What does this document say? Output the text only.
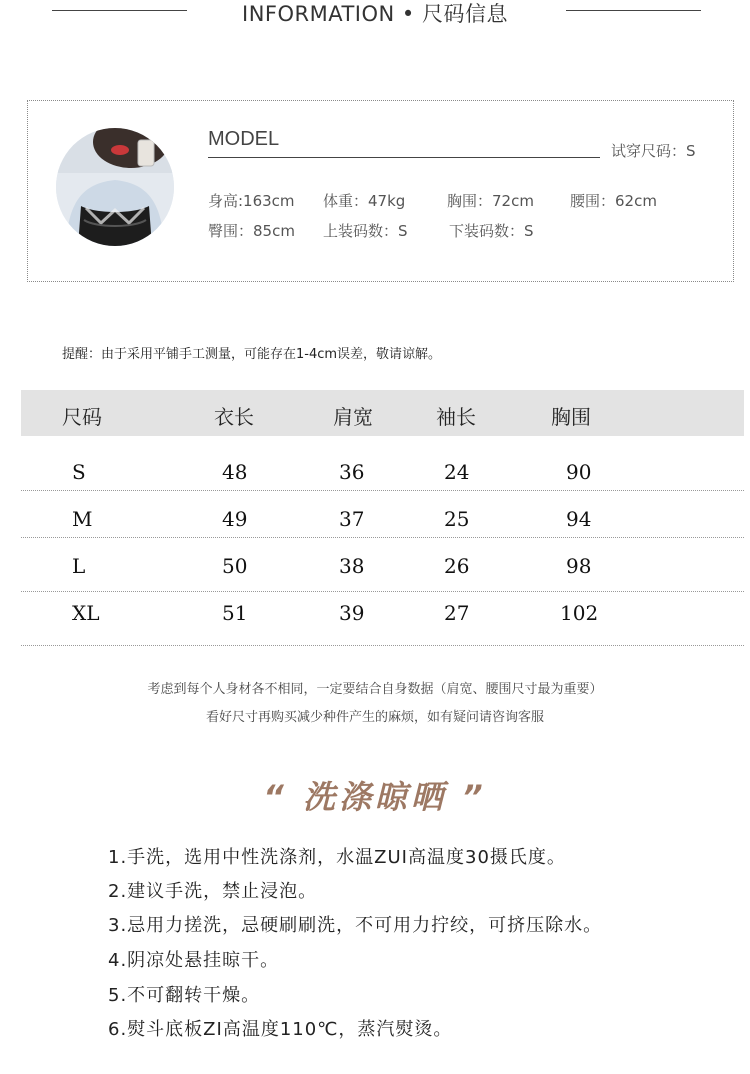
INFORMATION • 尺码信息
MODEL
试穿尺码：S
身高:163cm 体重：47kg	胸围：72cm 腰围：62cm
臀围：85cm 上装码数：S	下装码数：S
提醒：由于采用平铺手工测量，可能存在1-4cm误差，敬请谅解。
尺码	衣长	肩宽	袖长	胸围
S	48	36	24	90
M	49	37	25	94
L	50	38	26	98
XL	51	39	27	102
考虑到每个人身材各不相同，一定要结合自身数据（肩宽、腰围尺寸最为重要）
看好尺寸再购买减少种件产生的麻烦，如有疑问请咨询客服
“ 洗涤晾晒 ”
1.手洗，选用中性洗涤剂，水温ZUI高温度30摄氏度。
2.建议手洗，禁止浸泡。
3.忌用力搓洗，忌硬刷刷洗，不可用力拧绞，可挤压除水。
4.阴凉处悬挂晾干。
5.不可翻转干燥。
6.熨斗底板ZI高温度110℃，蒸汽熨烫。
